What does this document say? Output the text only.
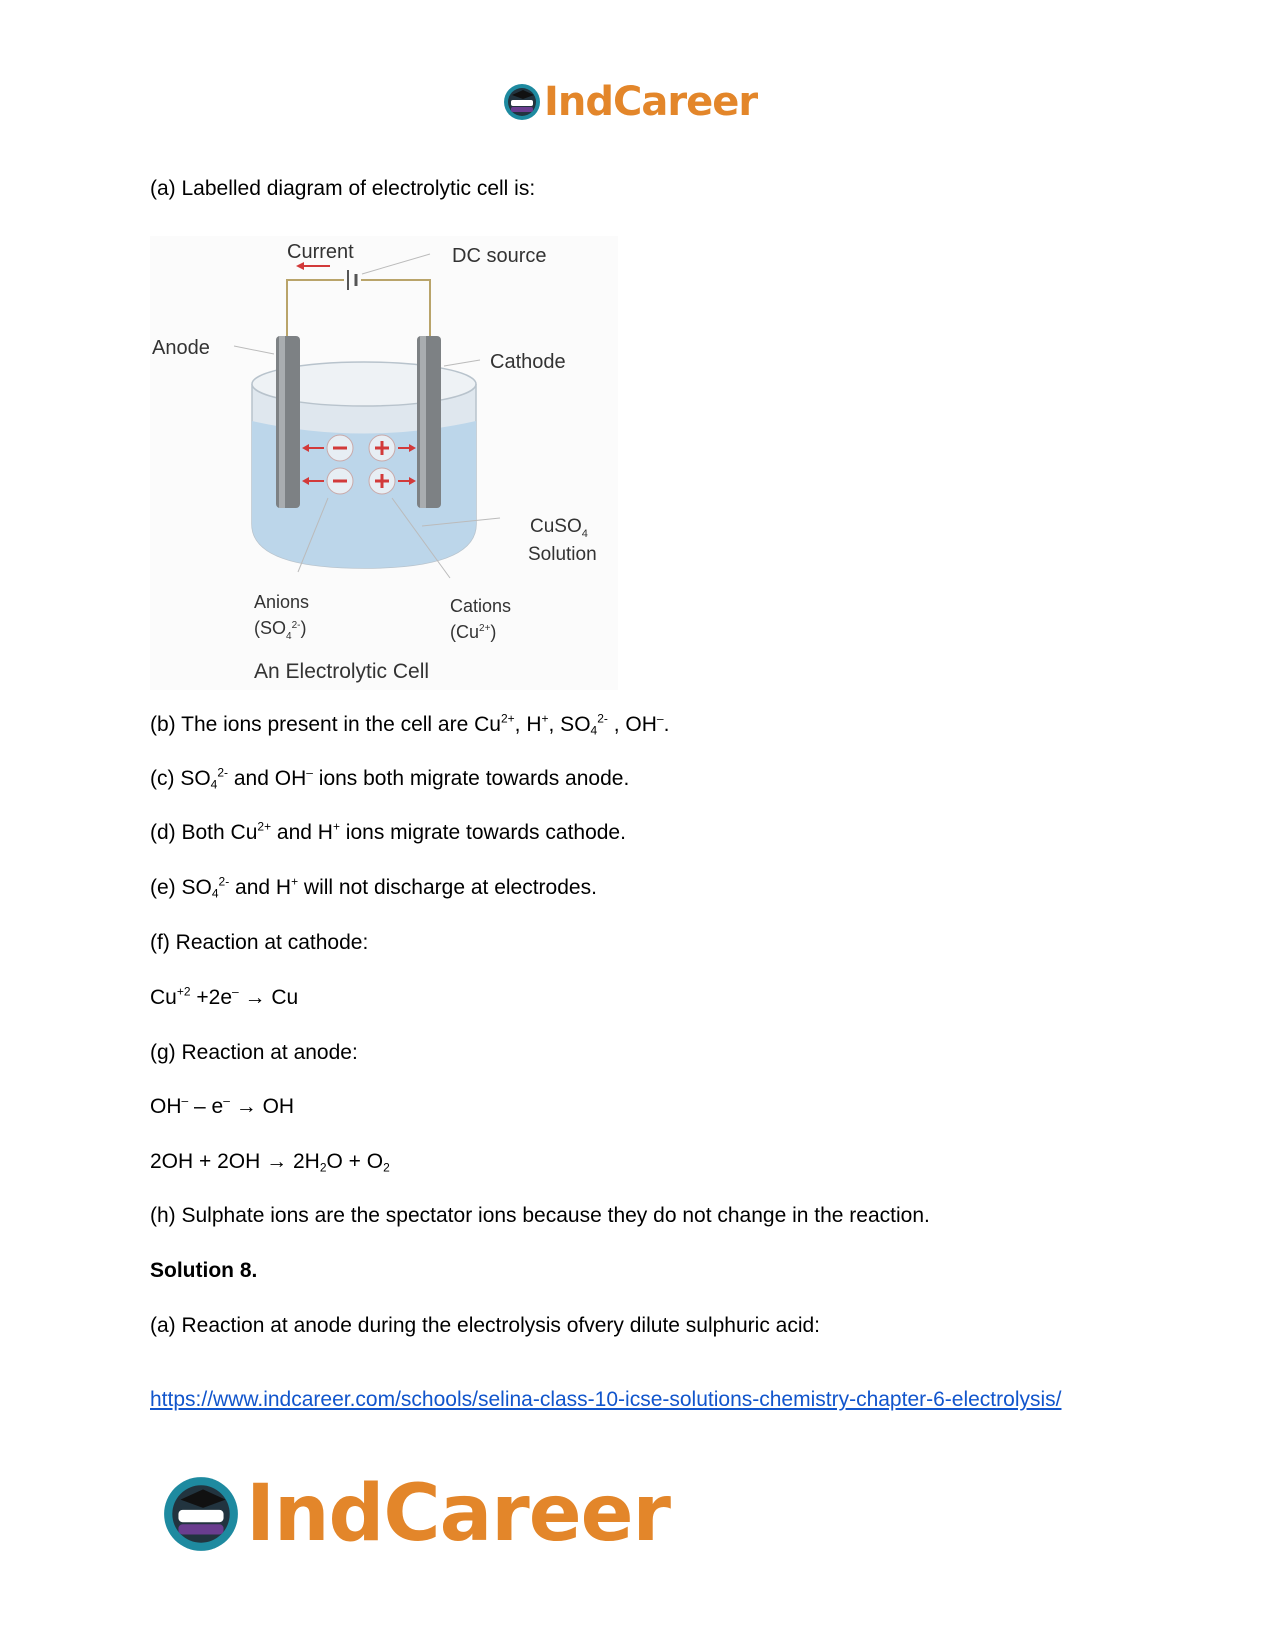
IndCareer
(a) Labelled diagram of electrolytic cell is:
Current	DC source
Anode
Cathode
CuSO$_4$
Solution
Anions
$(SO_4^{2-})$
Cations
$(Cu^{2+})$
An Electrolytic Cell
(b) The ions present in the cell are $Cu^{2+}$, H+, $SO_4^{2-}$ , OH–.
(c) $SO_4^{2-}$ and OH– ions both migrate towards anode.
(d) Both $Cu^{2+}$ and H+ ions migrate towards cathode.
(e) $SO_4^{2-}$ and H+ will not discharge at electrodes.
(f) Reaction at cathode:
$Cu^{+2} +2e^- \to Cu$
(g) Reaction at anode:
OH– – e– → OH
$2OH + 2OH \to 2H_2O + O_2$
(h) Sulphate ions are the spectator ions because they do not change in the reaction.
Solution 8.
(a) Reaction at anode during the electrolysis ofvery dilute sulphuric acid:
https://www.indcareer.com/schools/selina-class-10-icse-solutions-chemistry-chapter-6-electrolysis/
IndCareer
